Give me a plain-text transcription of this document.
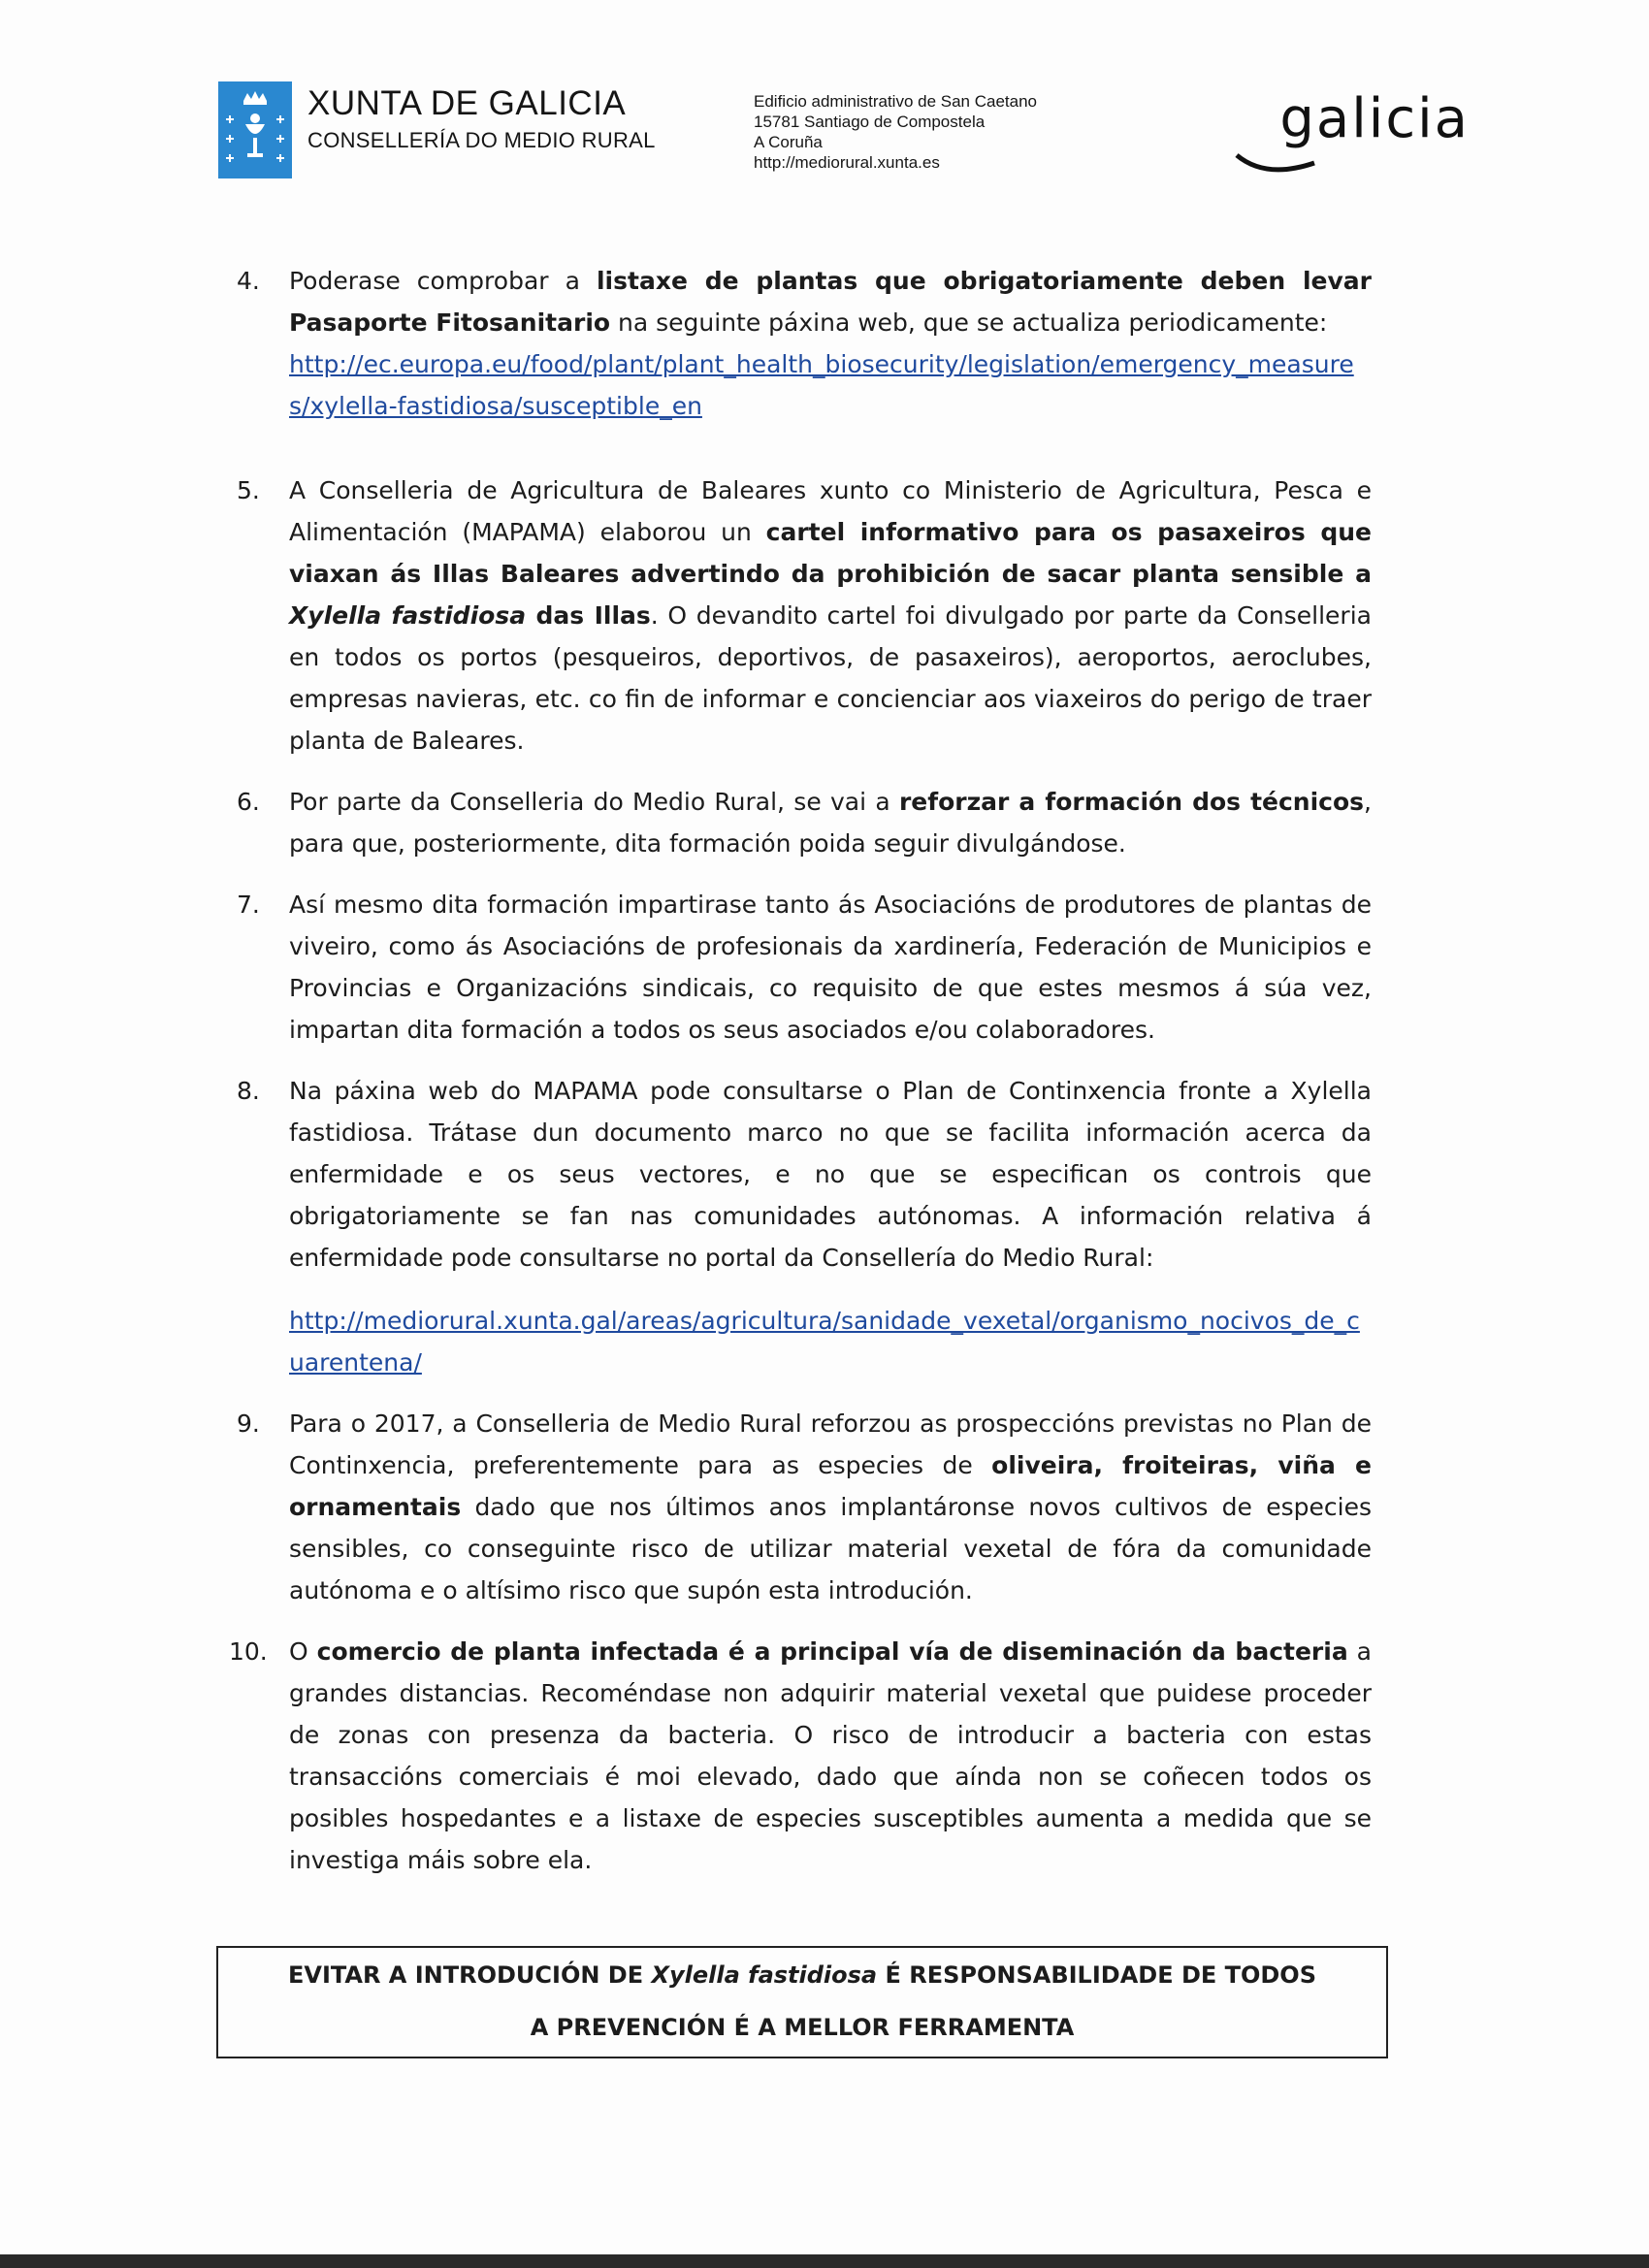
XUNTA DE GALICIA
CONSELLERÍA DO MEDIO RURAL
Edificio administrativo de San Caetano
15781 Santiago de Compostela
A Coruña
http://mediorural.xunta.es
galicia
4. Poderase comprobar a listaxe de plantas que obrigatoriamente deben levar Pasaporte Fitosanitario na seguinte páxina web, que se actualiza periodicamente:

http://ec.europa.eu/food/plant/plant_health_biosecurity/legislation/emergency_measures/xylella-fastidiosa/susceptible_en
5. A Conselleria de Agricultura de Baleares xunto co Ministerio de Agricultura, Pesca e Alimentación (MAPAMA) elaborou un cartel informativo para os pasaxeiros que viaxan ás Illas Baleares advertindo da prohibición de sacar planta sensible a Xylella fastidiosa das Illas. O devandito cartel foi divulgado por parte da Conselleria en todos os portos (pesqueiros, deportivos, de pasaxeiros), aeroportos, aeroclubes, empresas navieras, etc. co fin de informar e concienciar aos viaxeiros do perigo de traer planta de Baleares.

6. Por parte da Conselleria do Medio Rural, se vai a reforzar a formación dos técnicos, para que, posteriormente, dita formación poida seguir divulgándose.

7. Así mesmo dita formación impartirase tanto ás Asociacións de produtores de plantas de viveiro, como ás Asociacións de profesionais da xardinería, Federación de Municipios e Provincias e Organizacións sindicais, co requisito de que estes mesmos á súa vez, impartan dita formación a todos os seus asociados e/ou colaboradores.

8. Na páxina web do MAPAMA pode consultarse o Plan de Continxencia fronte a Xylella fastidiosa. Trátase dun documento marco no que se facilita información acerca da enfermidade e os seus vectores, e no que se especifican os controis que obrigatoriamente se fan nas comunidades autónomas. A información relativa á enfermidade pode consultarse no portal da Consellería do Medio Rural:

http://mediorural.xunta.gal/areas/agricultura/sanidade_vexetal/organismo_nocivos_de_cuarentena/
9. Para o 2017, a Conselleria de Medio Rural reforzou as prospeccións previstas no Plan de Continxencia, preferentemente para as especies de oliveira, froiteiras, viña e ornamentais dado que nos últimos anos implantáronse novos cultivos de especies sensibles, co conseguinte risco de utilizar material vexetal de fóra da comunidade autónoma e o altísimo risco que supón esta introdución.

10. O comercio de planta infectada é a principal vía de diseminación da bacteria a grandes distancias. Recoméndase non adquirir material vexetal que puidese proceder de zonas con presenza da bacteria. O risco de introducir a bacteria con estas transaccións comerciais é moi elevado, dado que aínda non se coñecen todos os posibles hospedantes e a listaxe de especies susceptibles aumenta a medida que se investiga máis sobre ela.

EVITAR A INTRODUCIÓN DE Xylella fastidiosa É RESPONSABILIDADE DE TODOS
A PREVENCIÓN É A MELLOR FERRAMENTA
